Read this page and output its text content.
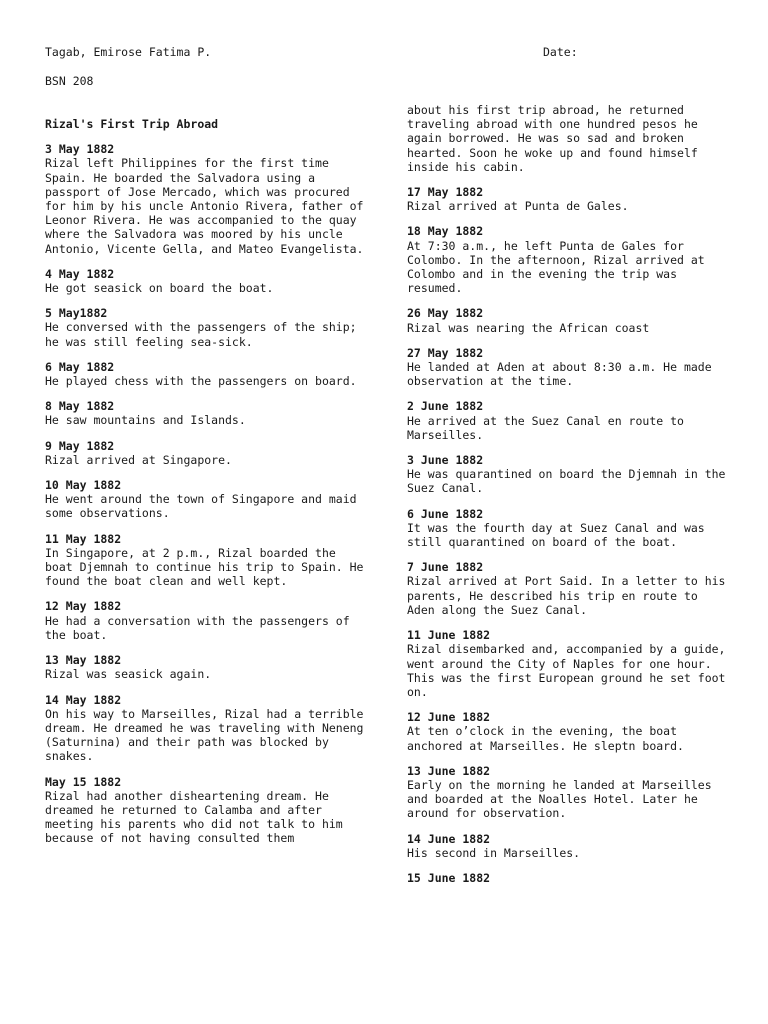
Tagab, Emirose Fatima P.	Date:
BSN 208
Rizal's First Trip Abroad
3 May 1882
Rizal left Philippines for the first time Spain. He boarded the Salvadora using a passport of Jose Mercado, which was procured for him by his uncle Antonio Rivera, father of Leonor Rivera. He was accompanied to the quay where the Salvadora was moored by his uncle Antonio, Vicente Gella, and Mateo Evangelista.
4 May 1882
He got seasick on board the boat.
5 May1882
He conversed with the passengers of the ship; he was still feeling sea-sick.
6 May 1882
He played chess with the passengers on board.
8 May 1882
He saw mountains and Islands.
9 May 1882
Rizal arrived at Singapore.
10 May 1882
He went around the town of Singapore and maid some observations.
11 May 1882
In Singapore, at 2 p.m., Rizal boarded the boat Djemnah to continue his trip to Spain. He found the boat clean and well kept.
12 May 1882
He had a conversation with the passengers of the boat.
13 May 1882
Rizal was seasick again.
14 May 1882
On his way to Marseilles, Rizal had a terrible dream. He dreamed he was traveling with Neneng (Saturnina) and their path was blocked by snakes.
May 15 1882
Rizal had another disheartening dream. He dreamed he returned to Calamba and after meeting his parents who did not talk to him because of not having consulted them
about his first trip abroad, he returned traveling abroad with one hundred pesos he again borrowed. He was so sad and broken hearted. Soon he woke up and found himself inside his cabin.
17 May 1882
Rizal arrived at Punta de Gales.
18 May 1882
At 7:30 a.m., he left Punta de Gales for Colombo. In the afternoon, Rizal arrived at Colombo and in the evening the trip was resumed.
26 May 1882
Rizal was nearing the African coast
27 May 1882
He landed at Aden at about 8:30 a.m. He made observation at the time.
2 June 1882
He arrived at the Suez Canal en route to Marseilles.
3 June 1882
He was quarantined on board the Djemnah in the Suez Canal.
6 June 1882
It was the fourth day at Suez Canal and was still quarantined on board of the boat.
7 June 1882
Rizal arrived at Port Said. In a letter to his parents, He described his trip en route to Aden along the Suez Canal.
11 June 1882
Rizal disembarked and, accompanied by a guide, went around the City of Naples for one hour. This was the first European ground he set foot on.
12 June 1882
At ten o’clock in the evening, the boat anchored at Marseilles. He sleptn board.
13 June 1882
Early on the morning he landed at Marseilles and boarded at the Noalles Hotel. Later he around for observation.
14 June 1882
His second in Marseilles.
15 June 1882
